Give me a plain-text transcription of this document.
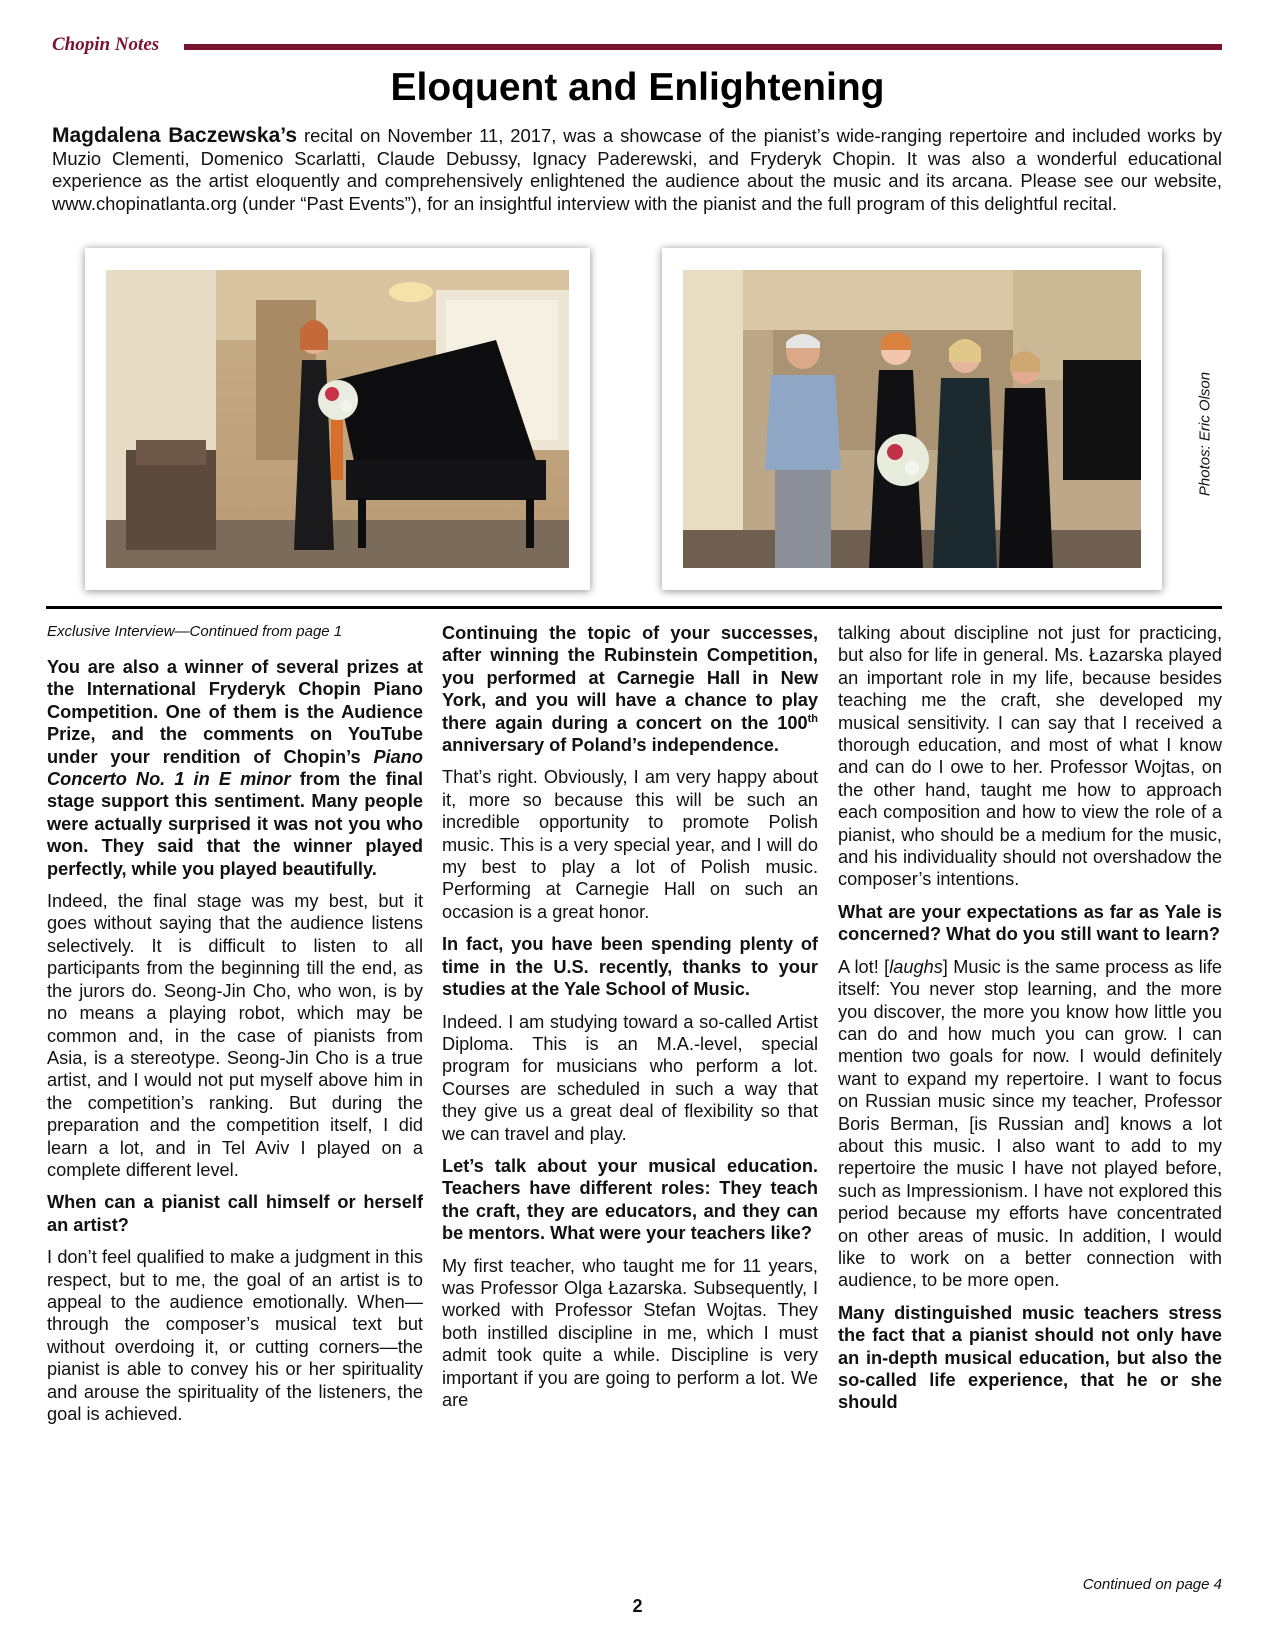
Chopin Notes
Eloquent and Enlightening
Magdalena Baczewska’s recital on November 11, 2017, was a showcase of the pianist’s wide-ranging repertoire and included works by Muzio Clementi, Domenico Scarlatti, Claude Debussy, Ignacy Paderewski, and Fryderyk Chopin. It was also a wonderful educational experience as the artist eloquently and comprehensively enlightened the audience about the music and its arcana. Please see our website, www.chopinatlanta.org (under “Past Events”), for an insightful interview with the pianist and the full program of this delightful recital.
Photos: Eric Olson

Exclusive Interview—Continued from page 1

You are also a winner of several prizes at the International Fryderyk Chopin Piano Competition. One of them is the Audience Prize, and the comments on YouTube under your rendition of Chopin’s Piano Concerto No. 1 in E minor from the final stage support this sentiment. Many people were actually surprised it was not you who won. They said that the winner played perfectly, while you played beautifully.

Indeed, the final stage was my best, but it goes without saying that the audience listens selectively. It is difficult to listen to all participants from the beginning till the end, as the jurors do. Seong-Jin Cho, who won, is by no means a playing robot, which may be common and, in the case of pianists from Asia, is a stereotype. Seong-Jin Cho is a true artist, and I would not put myself above him in the competition’s ranking. But during the preparation and the competition itself, I did learn a lot, and in Tel Aviv I played on a complete different level.

When can a pianist call himself or herself an artist?

I don’t feel qualified to make a judgment in this respect, but to me, the goal of an artist is to appeal to the audience emotionally. When—through the composer’s musical text but without overdoing it, or cutting corners—the pianist is able to convey his or her spirituality and arouse the spirituality of the listeners, the goal is achieved.

Continuing the topic of your successes, after winning the Rubinstein Competition, you performed at Carnegie Hall in New York, and you will have a chance to play there again during a concert on the 100th anniversary of Poland’s independence.

That’s right. Obviously, I am very happy about it, more so because this will be such an incredible opportunity to promote Polish music. This is a very special year, and I will do my best to play a lot of Polish music. Performing at Carnegie Hall on such an occasion is a great honor.

In fact, you have been spending plenty of time in the U.S. recently, thanks to your studies at the Yale School of Music.

Indeed. I am studying toward a so-called Artist Diploma. This is an M.A.-level, special program for musicians who perform a lot. Courses are scheduled in such a way that they give us a great deal of flexibility so that we can travel and play.

Let’s talk about your musical education. Teachers have different roles: They teach the craft, they are educators, and they can be mentors. What were your teachers like?

My first teacher, who taught me for 11 years, was Professor Olga Łazarska. Subsequently, I worked with Professor Stefan Wojtas. They both instilled discipline in me, which I must admit took quite a while. Discipline is very important if you are going to perform a lot. We are

talking about discipline not just for practicing, but also for life in general. Ms. Łazarska played an important role in my life, because besides teaching me the craft, she developed my musical sensitivity. I can say that I received a thorough education, and most of what I know and can do I owe to her. Professor Wojtas, on the other hand, taught me how to approach each composition and how to view the role of a pianist, who should be a medium for the music, and his individuality should not overshadow the composer’s intentions.

What are your expectations as far as Yale is concerned? What do you still want to learn?

A lot! [laughs] Music is the same process as life itself: You never stop learning, and the more you discover, the more you know how little you can do and how much you can grow. I can mention two goals for now. I would definitely want to expand my repertoire. I want to focus on Russian music since my teacher, Professor Boris Berman, [is Russian and] knows a lot about this music. I also want to add to my repertoire the music I have not played before, such as Impressionism. I have not explored this period because my efforts have concentrated on other areas of music. In addition, I would like to work on a better connection with audience, to be more open.

Many distinguished music teachers stress the fact that a pianist should not only have an in-depth musical education, but also the so-called life experience, that he or she should

Continued on page 4
2
